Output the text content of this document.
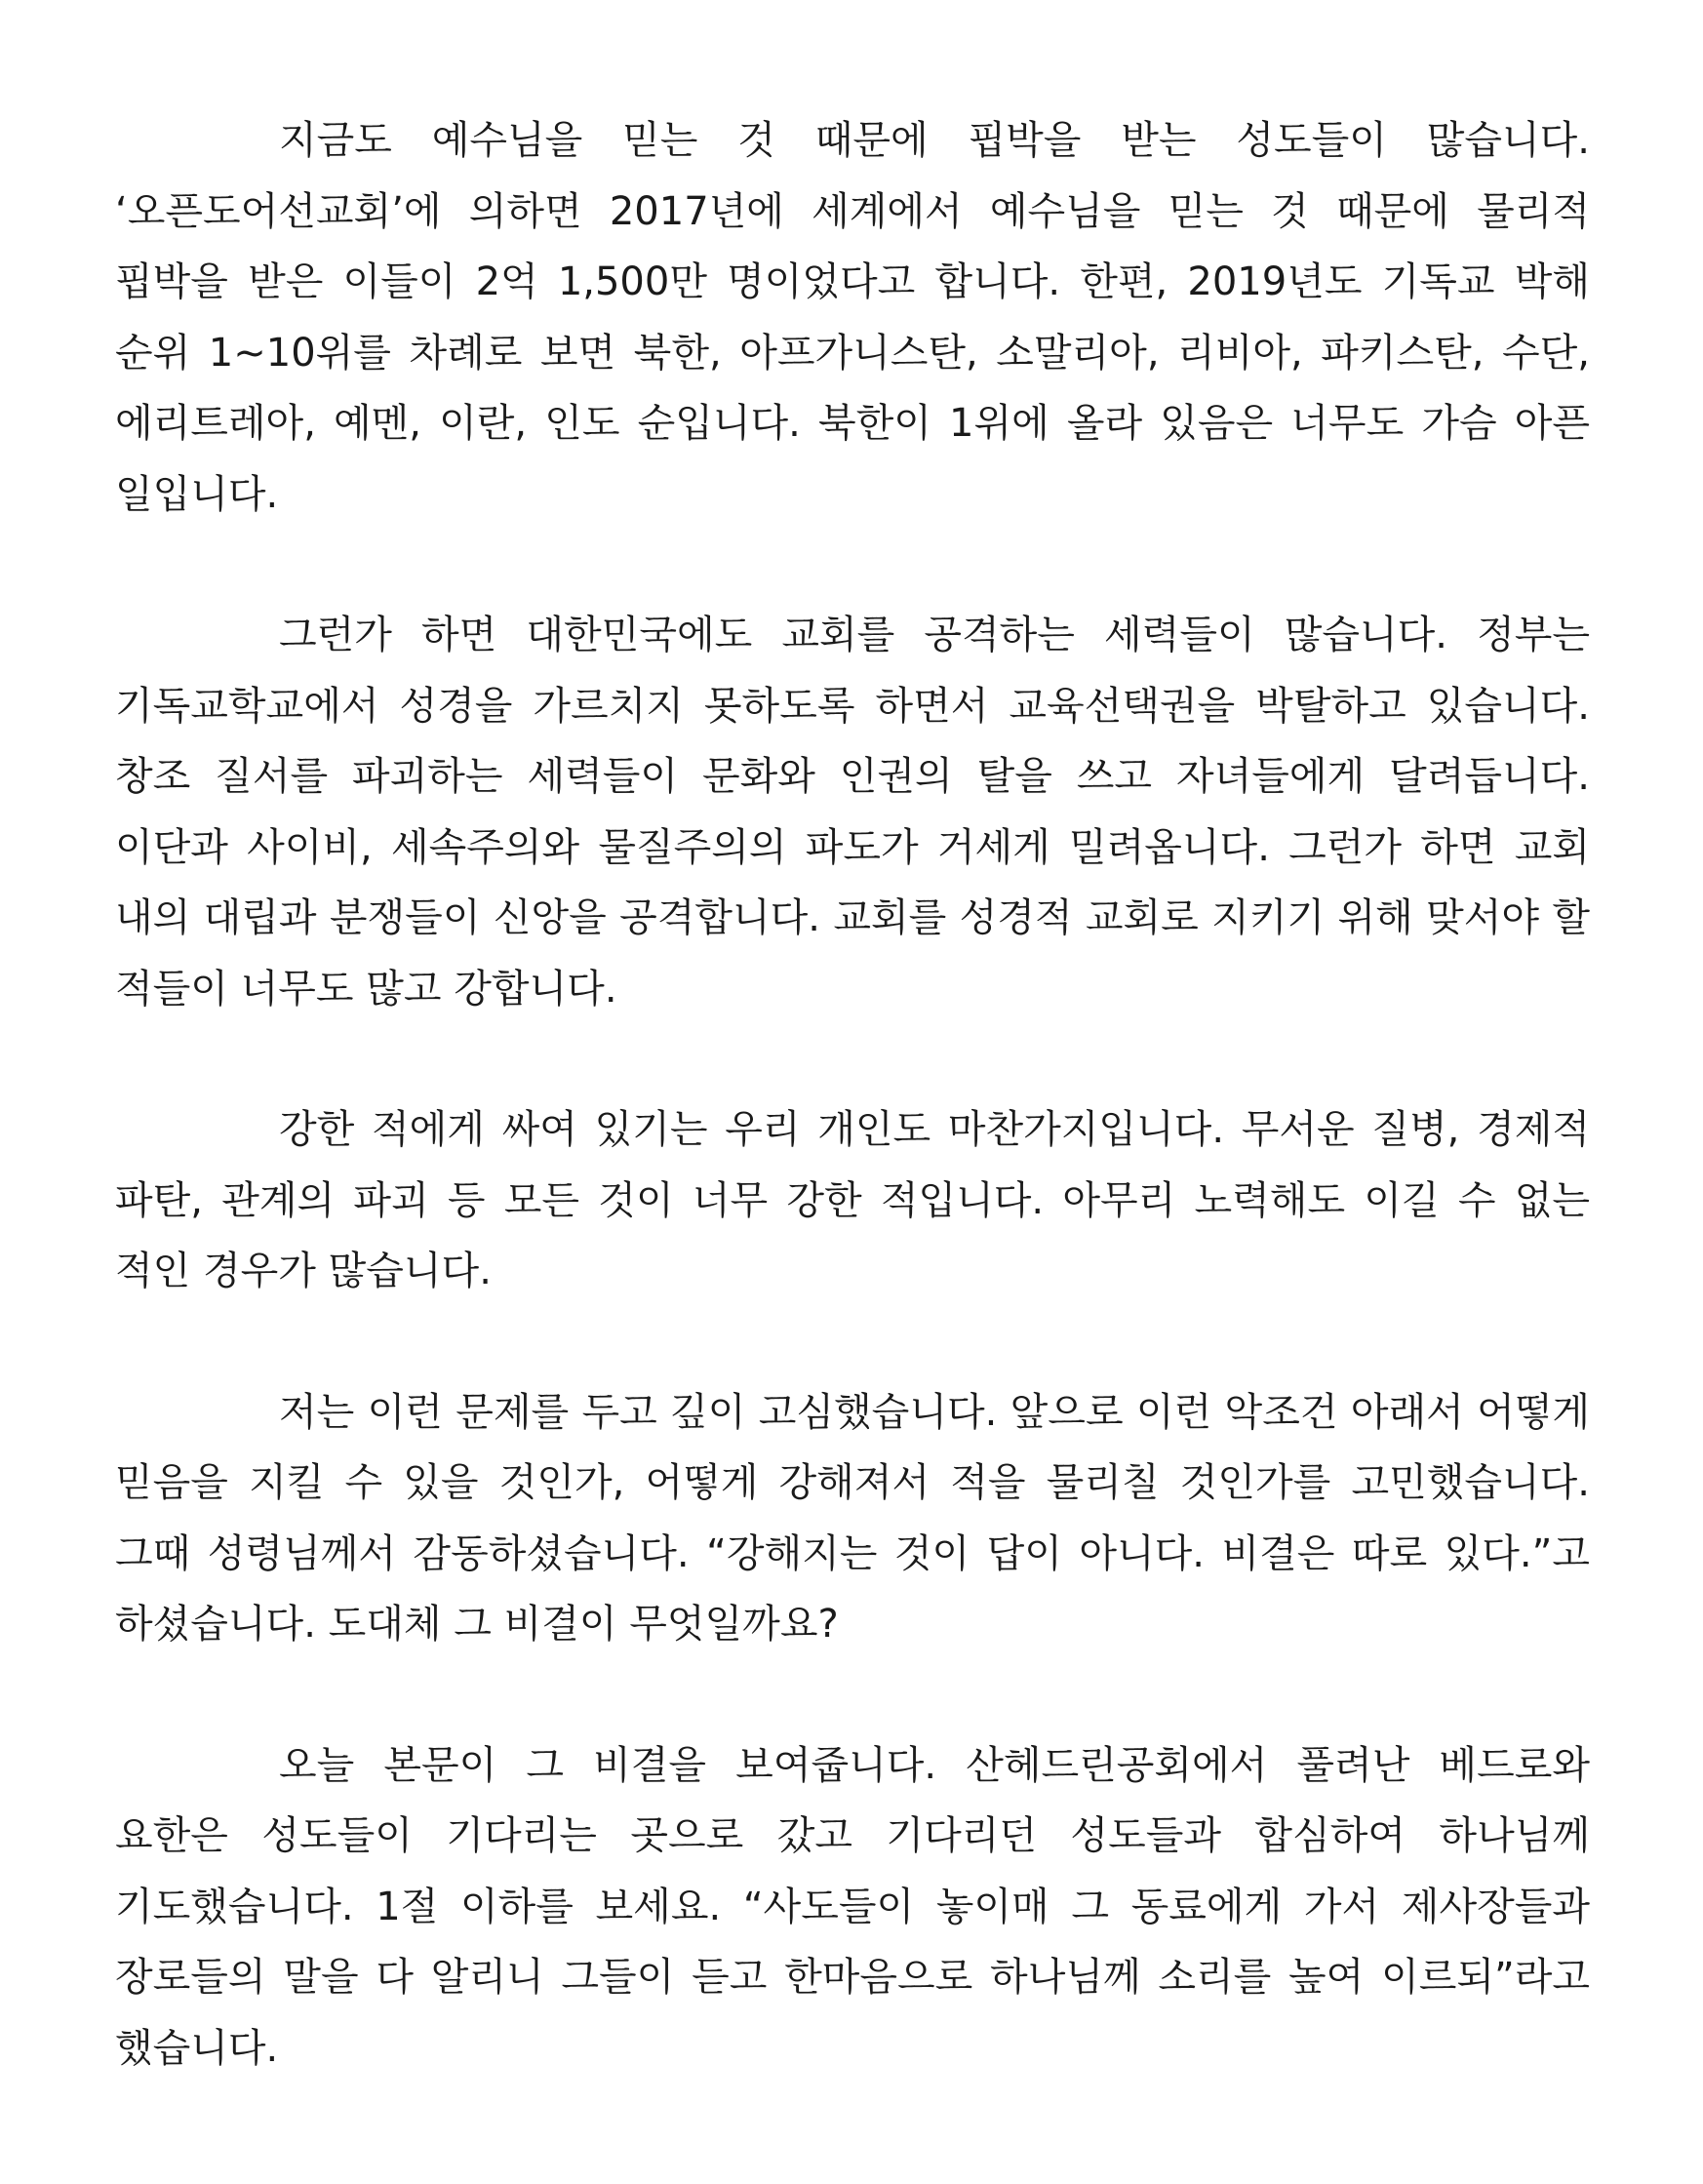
지금도 예수님을 믿는 것 때문에 핍박을 받는 성도들이 많습니다. ‘오픈도어선교회’에 의하면 2017년에 세계에서 예수님을 믿는 것 때문에 물리적 핍박을 받은 이들이 2억 1,500만 명이었다고 합니다. 한편, 2019년도 기독교 박해 순위 1~10위를 차례로 보면 북한, 아프가니스탄, 소말리아, 리비아, 파키스탄, 수단, 에리트레아, 예멘, 이란, 인도 순입니다. 북한이 1위에 올라 있음은 너무도 가슴 아픈 일입니다.

그런가 하면 대한민국에도 교회를 공격하는 세력들이 많습니다. 정부는 기독교학교에서 성경을 가르치지 못하도록 하면서 교육선택권을 박탈하고 있습니다. 창조 질서를 파괴하는 세력들이 문화와 인권의 탈을 쓰고 자녀들에게 달려듭니다. 이단과 사이비, 세속주의와 물질주의의 파도가 거세게 밀려옵니다. 그런가 하면 교회 내의 대립과 분쟁들이 신앙을 공격합니다. 교회를 성경적 교회로 지키기 위해 맞서야 할 적들이 너무도 많고 강합니다.

강한 적에게 싸여 있기는 우리 개인도 마찬가지입니다. 무서운 질병, 경제적 파탄, 관계의 파괴 등 모든 것이 너무 강한 적입니다. 아무리 노력해도 이길 수 없는 적인 경우가 많습니다.

저는 이런 문제를 두고 깊이 고심했습니다. 앞으로 이런 악조건 아래서 어떻게 믿음을 지킬 수 있을 것인가, 어떻게 강해져서 적을 물리칠 것인가를 고민했습니다. 그때 성령님께서 감동하셨습니다. “강해지는 것이 답이 아니다. 비결은 따로 있다.”고 하셨습니다. 도대체 그 비결이 무엇일까요?

오늘 본문이 그 비결을 보여줍니다. 산헤드린공회에서 풀려난 베드로와 요한은 성도들이 기다리는 곳으로 갔고 기다리던 성도들과 합심하여 하나님께 기도했습니다. 1절 이하를 보세요. “사도들이 놓이매 그 동료에게 가서 제사장들과 장로들의 말을 다 알리니 그들이 듣고 한마음으로 하나님께 소리를 높여 이르되”라고 했습니다.
